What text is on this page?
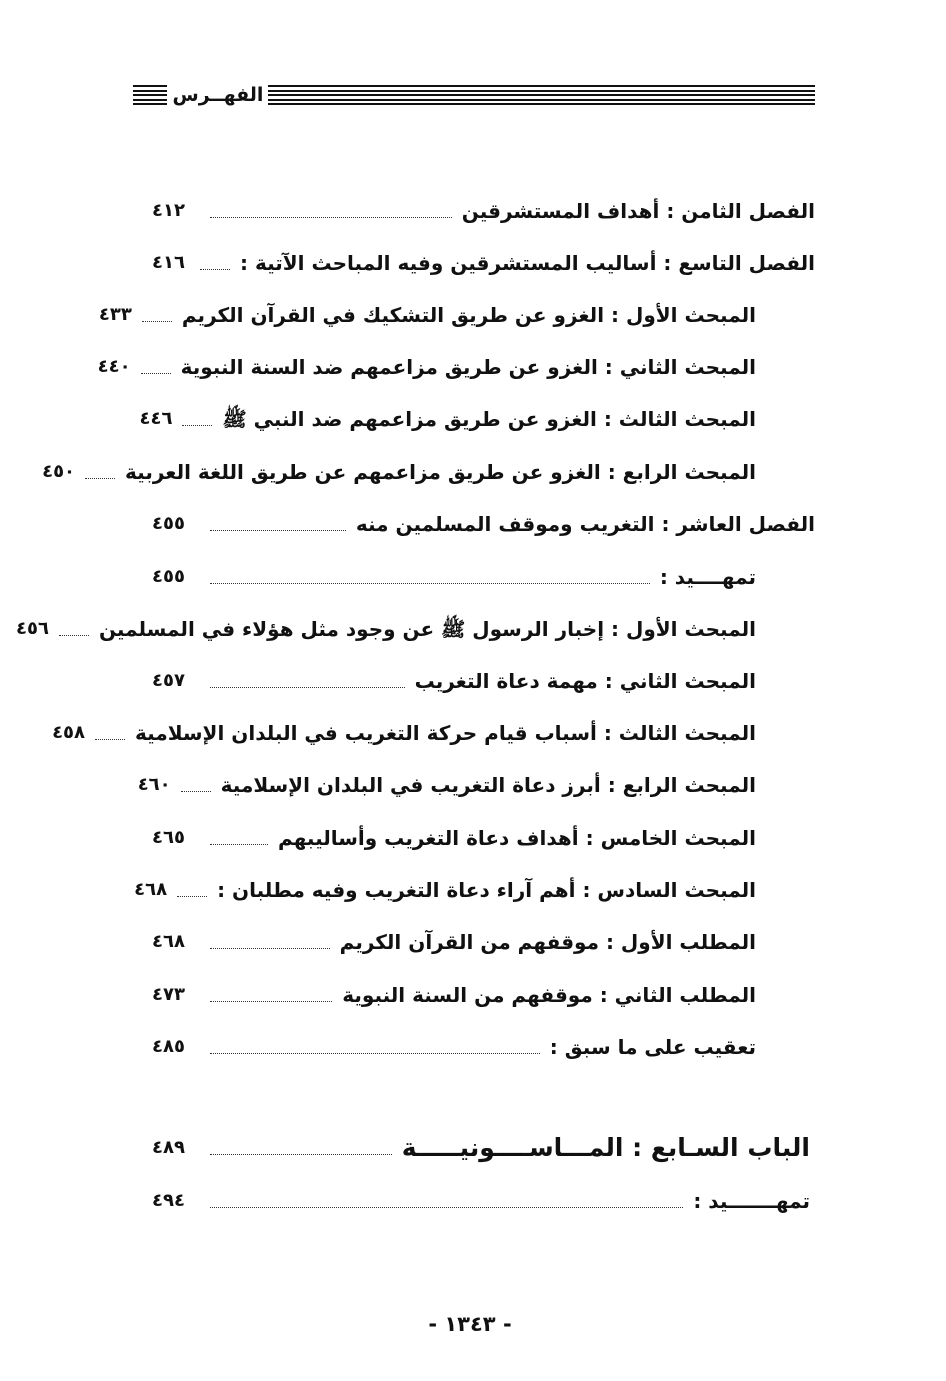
الفهــرس
الفصل الثامن : أهداف المستشرقين
٤١٢
الفصل التاسع : أساليب المستشرقين وفيه المباحث الآتية :
٤١٦
المبحث الأول : الغزو عن طريق التشكيك في القرآن الكريم
٤٣٣
المبحث الثاني : الغزو عن طريق مزاعمهم ضد السنة النبوية
٤٤٠
المبحث الثالث : الغزو عن طريق مزاعمهم ضد النبي ﷺ
٤٤٦
المبحث الرابع : الغزو عن طريق مزاعمهم عن طريق اللغة العربية
٤٥٠
الفصل العاشر : التغريب وموقف المسلمين منه
٤٥٥
تمهــــيد :
٤٥٥
المبحث الأول : إخبار الرسول ﷺ عن وجود مثل هؤلاء في المسلمين
٤٥٦
المبحث الثاني : مهمة دعاة التغريب
٤٥٧
المبحث الثالث : أسباب قيام حركة التغريب في البلدان الإسلامية
٤٥٨
المبحث الرابع : أبرز دعاة التغريب في البلدان الإسلامية
٤٦٠
المبحث الخامس : أهداف دعاة التغريب وأساليبهم
٤٦٥
المبحث السادس : أهم آراء دعاة التغريب وفيه مطلبان :
٤٦٨
المطلب الأول : موقفهم من القرآن الكريم
٤٦٨
المطلب الثاني : موقفهم من السنة النبوية
٤٧٣
تعقيب على ما سبق :
٤٨٥
الباب السـابع : المـــاســــونيـــــة
٤٨٩
تمهـــــــيد :
٤٩٤
- ١٣٤٣ -
